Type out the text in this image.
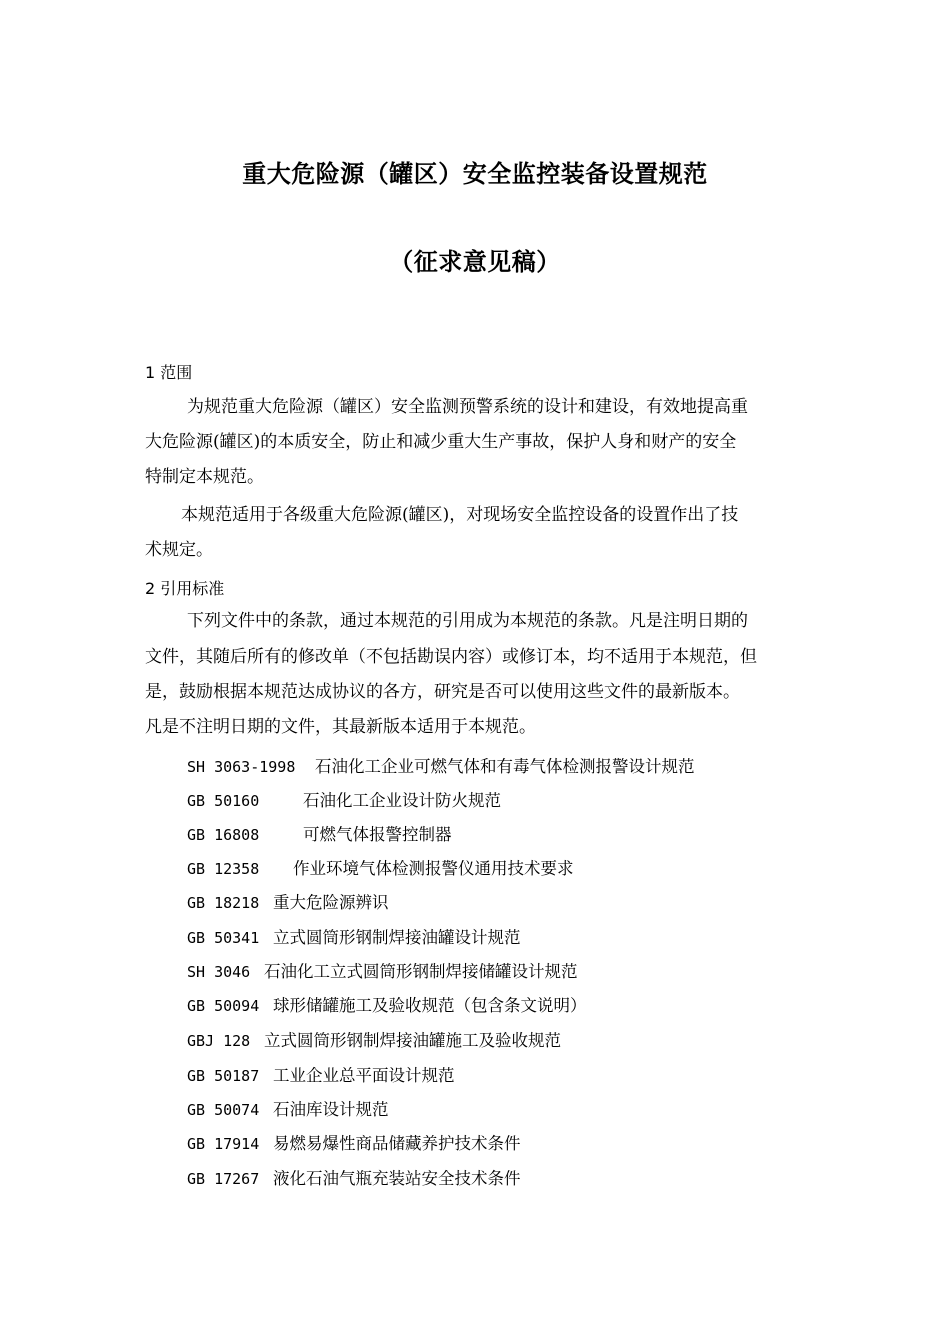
重大危险源（罐区）安全监控装备设置规范
（征求意见稿）
1 范围
为规范重大危险源（罐区）安全监测预警系统的设计和建设，有效地提高重
大危险源(罐区)的本质安全，防止和减少重大生产事故，保护人身和财产的安全
特制定本规范。
本规范适用于各级重大危险源(罐区)，对现场安全监控设备的设置作出了技
术规定。
2 引用标准
下列文件中的条款，通过本规范的引用成为本规范的条款。凡是注明日期的
文件，其随后所有的修改单（不包括勘误内容）或修订本，均不适用于本规范，但
是，鼓励根据本规范达成协议的各方，研究是否可以使用这些文件的最新版本。
凡是不注明日期的文件，其最新版本适用于本规范。
SH 3063-1998 石油化工企业可燃气体和有毒气体检测报警设计规范
GB 50160	石油化工企业设计防火规范
GB 16808	可燃气体报警控制器
GB 12358 作业环境气体检测报警仪通用技术要求
GB 18218 重大危险源辨识
GB 50341 立式圆筒形钢制焊接油罐设计规范
SH 3046 石油化工立式圆筒形钢制焊接储罐设计规范
GB 50094 球形储罐施工及验收规范（包含条文说明）
GBJ 128 立式圆筒形钢制焊接油罐施工及验收规范
GB 50187 工业企业总平面设计规范
GB 50074 石油库设计规范
GB 17914 易燃易爆性商品储藏养护技术条件
GB 17267 液化石油气瓶充装站安全技术条件
